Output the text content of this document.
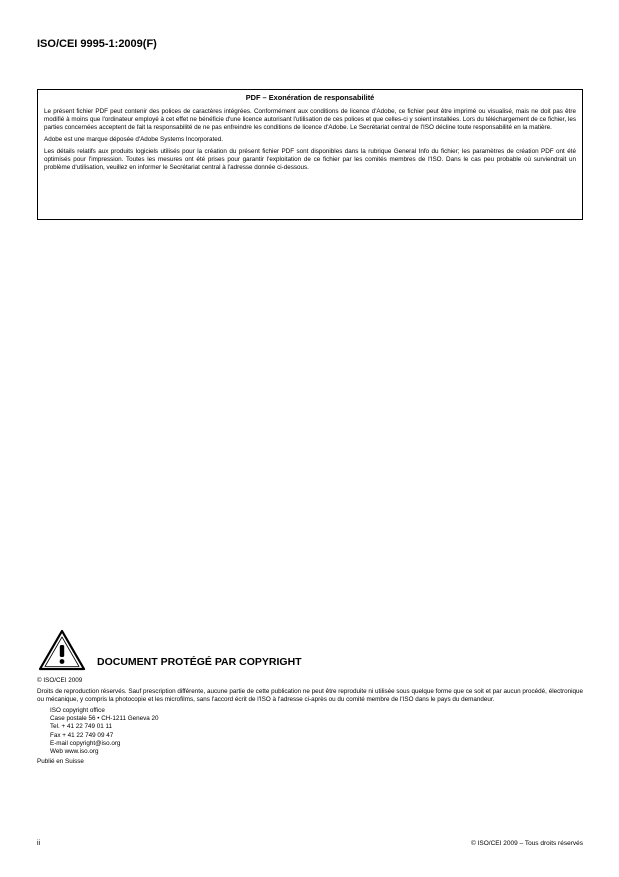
ISO/CEI 9995-1:2009(F)
PDF – Exonération de responsabilité

Le présent fichier PDF peut contenir des polices de caractères intégrées. Conformément aux conditions de licence d'Adobe, ce fichier peut être imprimé ou visualisé, mais ne doit pas être modifié à moins que l'ordinateur employé à cet effet ne bénéficie d'une licence autorisant l'utilisation de ces polices et que celles-ci y soient installées. Lors du téléchargement de ce fichier, les parties concernées acceptent de fait la responsabilité de ne pas enfreindre les conditions de licence d'Adobe. Le Secrétariat central de l'ISO décline toute responsabilité en la matière.

Adobe est une marque déposée d'Adobe Systems Incorporated.

Les détails relatifs aux produits logiciels utilisés pour la création du présent fichier PDF sont disponibles dans la rubrique General Info du fichier; les paramètres de création PDF ont été optimisés pour l'impression. Toutes les mesures ont été prises pour garantir l'exploitation de ce fichier par les comités membres de l'ISO. Dans le cas peu probable où surviendrait un problème d'utilisation, veuillez en informer le Secrétariat central à l'adresse donnée ci-dessous.

DOCUMENT PROTÉGÉ PAR COPYRIGHT

© ISO/CEI 2009

Droits de reproduction réservés. Sauf prescription différente, aucune partie de cette publication ne peut être reproduite ni utilisée sous quelque forme que ce soit et par aucun procédé, électronique ou mécanique, y compris la photocopie et les microfilms, sans l'accord écrit de l'ISO à l'adresse ci-après ou du comité membre de l'ISO dans le pays du demandeur.

ISO copyright office
Case postale 56 • CH-1211 Geneva 20
Tel. + 41 22 749 01 11
Fax + 41 22 749 09 47
E-mail copyright@iso.org
Web www.iso.org

Publié en Suisse

ii	© ISO/CEI 2009 – Tous droits réservés
